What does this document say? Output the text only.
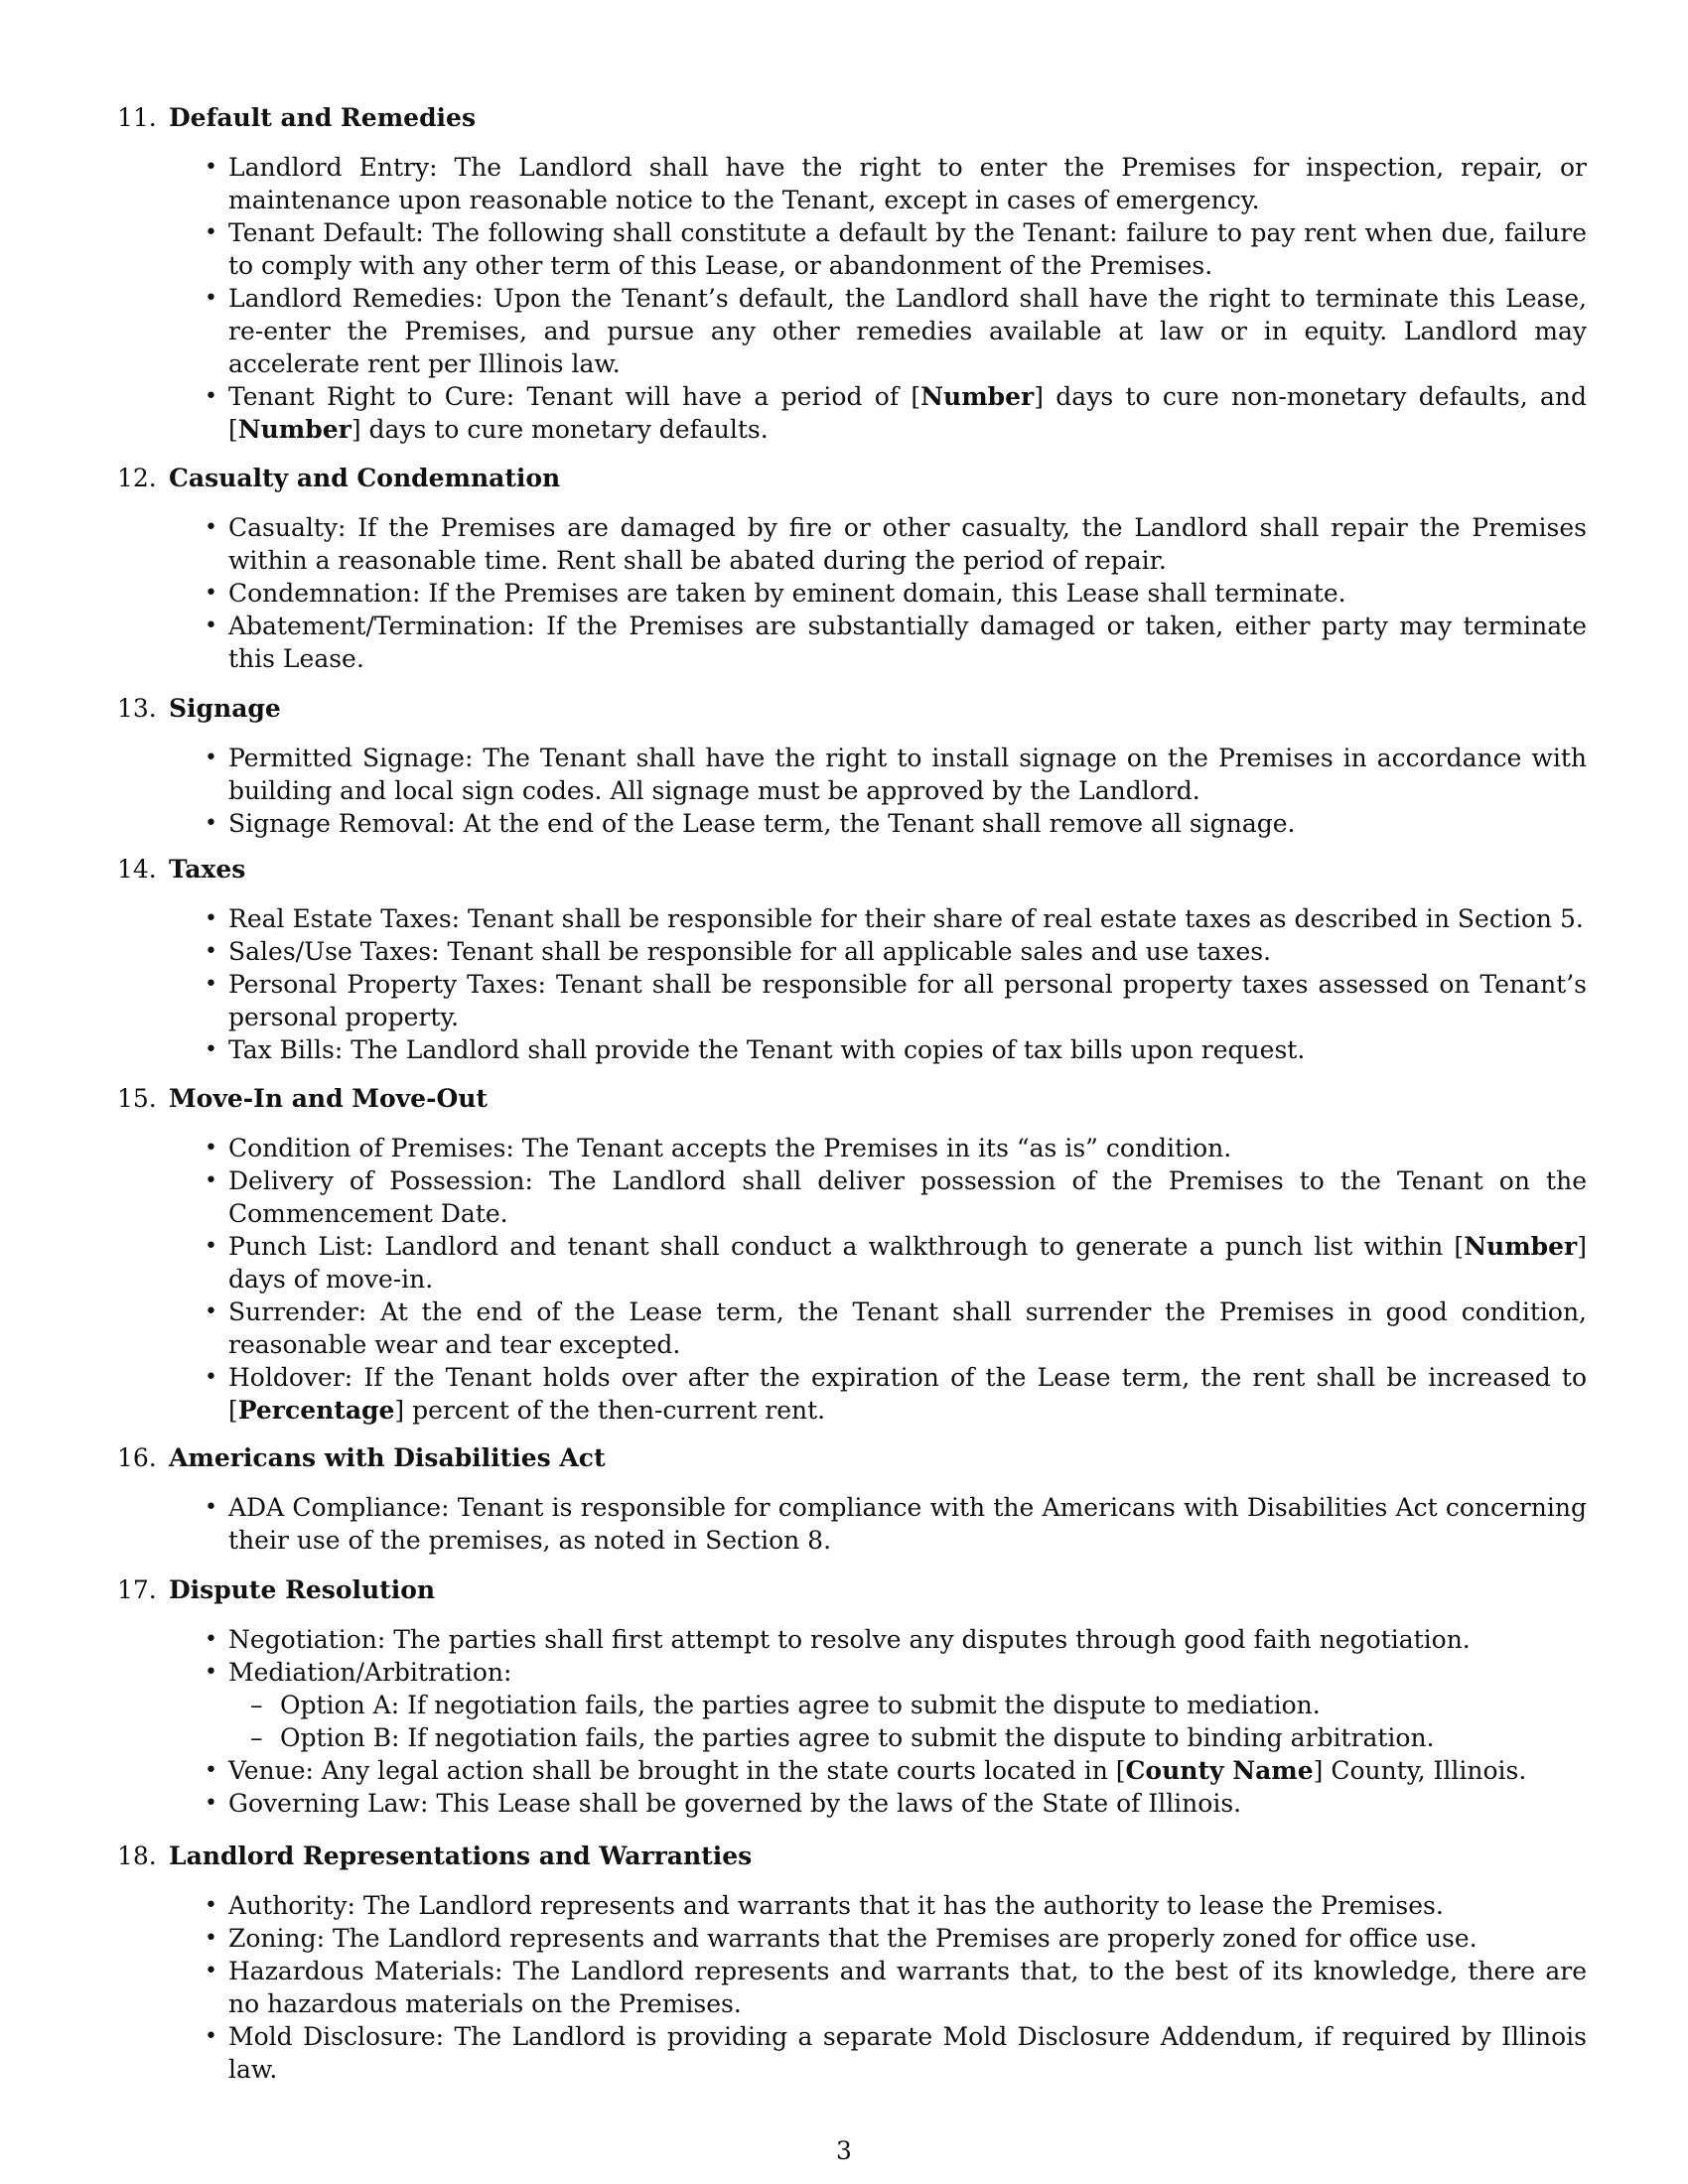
11. Default and Remedies
• Landlord Entry: The Landlord shall have the right to enter the Premises for inspection, repair, or maintenance upon reasonable notice to the Tenant, except in cases of emergency.
• Tenant Default: The following shall constitute a default by the Tenant: failure to pay rent when due, failure to comply with any other term of this Lease, or abandonment of the Premises.
• Landlord Remedies: Upon the Tenant’s default, the Landlord shall have the right to terminate this Lease, re-enter the Premises, and pursue any other remedies available at law or in equity. Landlord may accelerate rent per Illinois law.
• Tenant Right to Cure: Tenant will have a period of [Number] days to cure non-monetary defaults, and [Number] days to cure monetary defaults.
12. Casualty and Condemnation
• Casualty: If the Premises are damaged by fire or other casualty, the Landlord shall repair the Premises within a reasonable time. Rent shall be abated during the period of repair.
• Condemnation: If the Premises are taken by eminent domain, this Lease shall terminate.
• Abatement/Termination: If the Premises are substantially damaged or taken, either party may terminate this Lease.
13. Signage
• Permitted Signage: The Tenant shall have the right to install signage on the Premises in accordance with building and local sign codes. All signage must be approved by the Landlord.
• Signage Removal: At the end of the Lease term, the Tenant shall remove all signage.
14. Taxes
• Real Estate Taxes: Tenant shall be responsible for their share of real estate taxes as described in Section 5.
• Sales/Use Taxes: Tenant shall be responsible for all applicable sales and use taxes.
• Personal Property Taxes: Tenant shall be responsible for all personal property taxes assessed on Tenant’s personal property.
• Tax Bills: The Landlord shall provide the Tenant with copies of tax bills upon request.
15. Move-In and Move-Out
• Condition of Premises: The Tenant accepts the Premises in its “as is” condition.
• Delivery of Possession: The Landlord shall deliver possession of the Premises to the Tenant on the Commencement Date.
• Punch List: Landlord and tenant shall conduct a walkthrough to generate a punch list within [Number] days of move-in.
• Surrender: At the end of the Lease term, the Tenant shall surrender the Premises in good condition, reasonable wear and tear excepted.
• Holdover: If the Tenant holds over after the expiration of the Lease term, the rent shall be increased to [Percentage] percent of the then-current rent.
16. Americans with Disabilities Act
• ADA Compliance: Tenant is responsible for compliance with the Americans with Disabilities Act concerning their use of the premises, as noted in Section 8.
17. Dispute Resolution
• Negotiation: The parties shall first attempt to resolve any disputes through good faith negotiation.
• Mediation/Arbitration:
– Option A: If negotiation fails, the parties agree to submit the dispute to mediation.
– Option B: If negotiation fails, the parties agree to submit the dispute to binding arbitration.
• Venue: Any legal action shall be brought in the state courts located in [County Name] County, Illinois.
• Governing Law: This Lease shall be governed by the laws of the State of Illinois.
18. Landlord Representations and Warranties
• Authority: The Landlord represents and warrants that it has the authority to lease the Premises.
• Zoning: The Landlord represents and warrants that the Premises are properly zoned for office use.
• Hazardous Materials: The Landlord represents and warrants that, to the best of its knowledge, there are no hazardous materials on the Premises.
• Mold Disclosure: The Landlord is providing a separate Mold Disclosure Addendum, if required by Illinois law.
3
